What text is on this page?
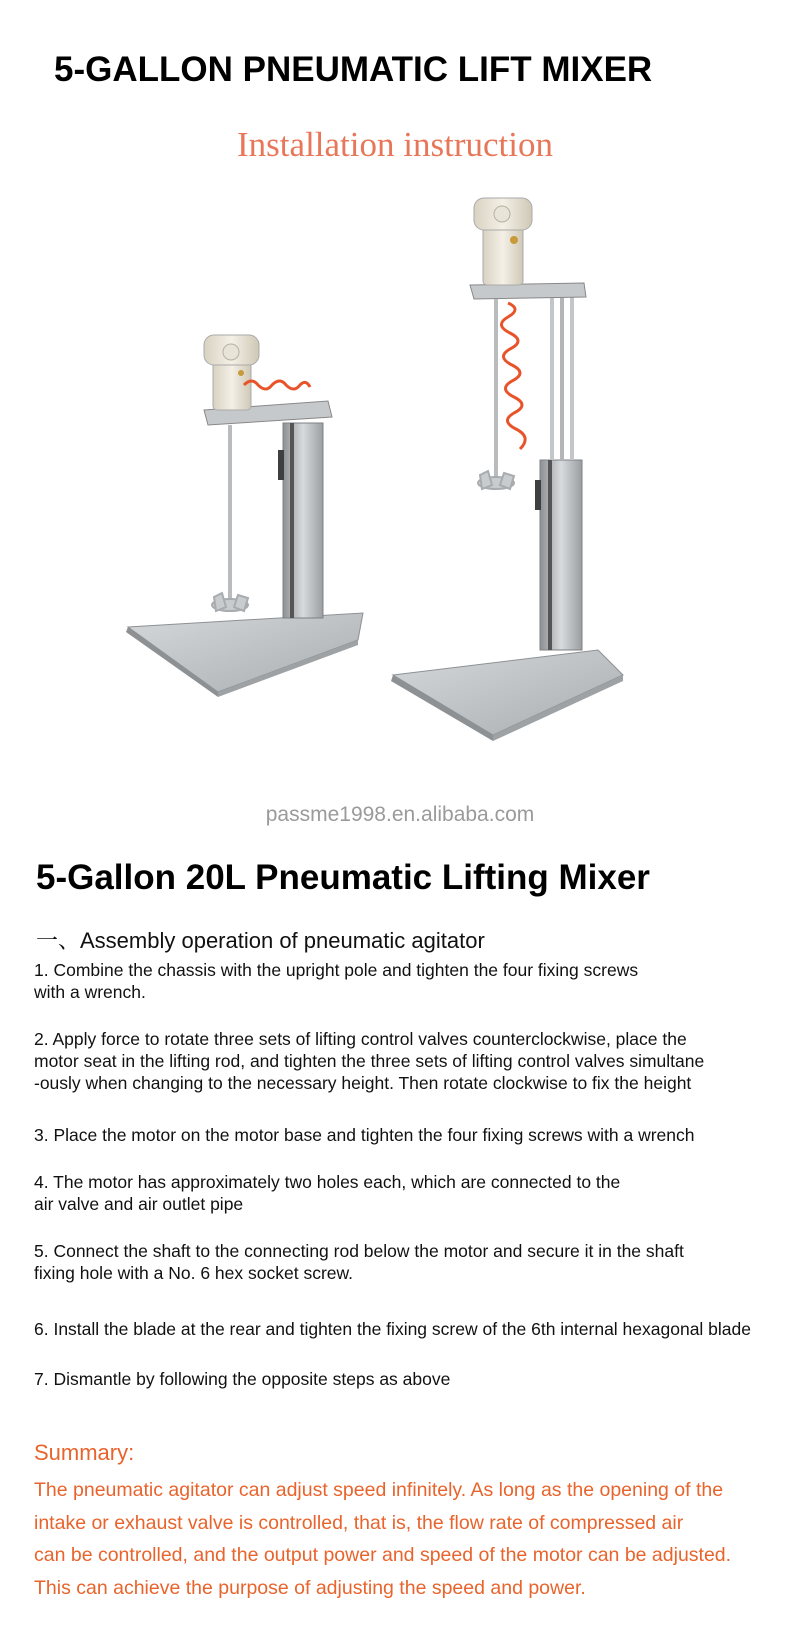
5-GALLON PNEUMATIC LIFT MIXER
Installation instruction
passme1998.en.alibaba.com
5-Gallon 20L Pneumatic Lifting Mixer
一、Assembly operation of pneumatic agitator
1. Combine the chassis with the upright pole and tighten the four fixing screws
with a wrench.
2. Apply force to rotate three sets of lifting control valves counterclockwise, place the
motor seat in the lifting rod, and tighten the three sets of lifting control valves simultane
-ously when changing to the necessary height. Then rotate clockwise to fix the height
3. Place the motor on the motor base and tighten the four fixing screws with a wrench
4. The motor has approximately two holes each, which are connected to the
air valve and air outlet pipe
5. Connect the shaft to the connecting rod below the motor and secure it in the shaft
fixing hole with a No. 6 hex socket screw.
6. Install the blade at the rear and tighten the fixing screw of the 6th internal hexagonal blade
7. Dismantle by following the opposite steps as above
Summary:
The pneumatic agitator can adjust speed infinitely. As long as the opening of the
intake or exhaust valve is controlled, that is, the flow rate of compressed air
can be controlled, and the output power and speed of the motor can be adjusted.
This can achieve the purpose of adjusting the speed and power.
